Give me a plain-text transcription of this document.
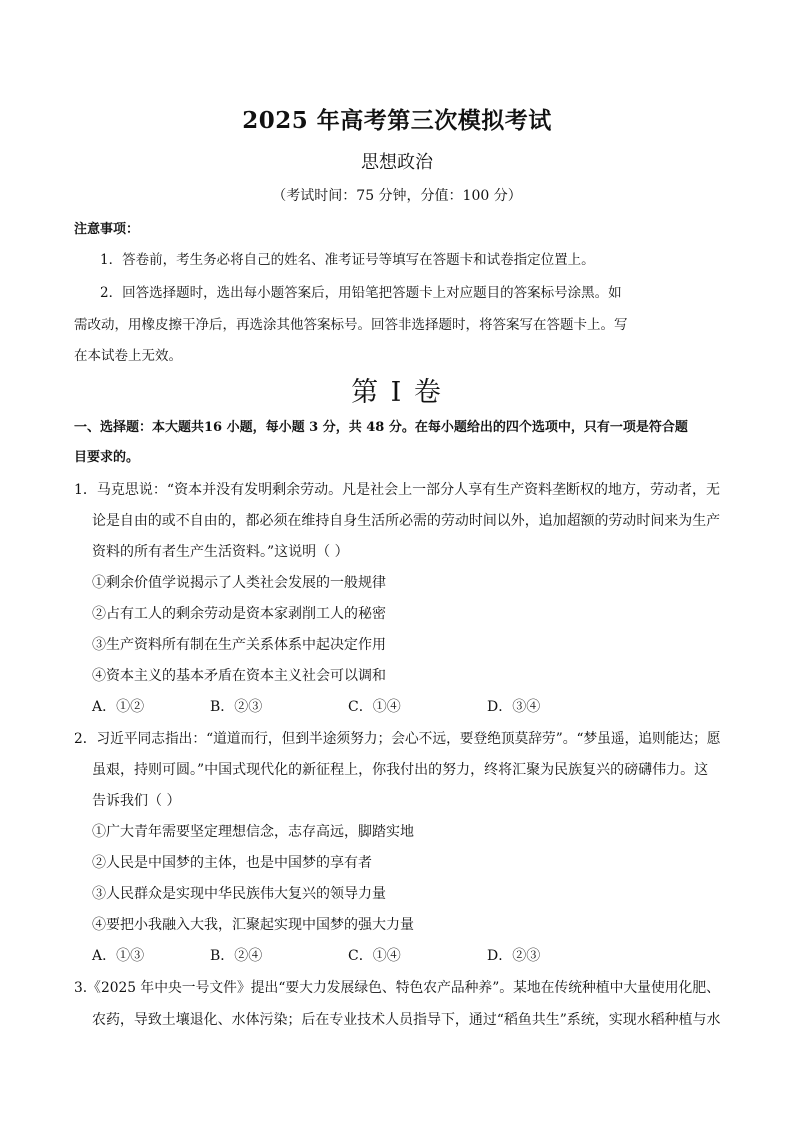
2025 年高考第三次模拟考试
思想政治
（考试时间：75 分钟，分值：100 分）
注意事项：
1．答卷前，考生务必将自己的姓名、准考证号等填写在答题卡和试卷指定位置上。
2．回答选择题时，选出每小题答案后，用铅笔把答题卡上对应题目的答案标号涂黑。如
需改动，用橡皮擦干净后，再选涂其他答案标号。回答非选择题时，将答案写在答题卡上。写
在本试卷上无效。
第 I 卷
一、选择题：本大题共16 小题，每小题 3 分，共 48 分。在每小题给出的四个选项中，只有一项是符合题
目要求的。
1．马克思说：“资本并没有发明剩余劳动。凡是社会上一部分人享有生产资料垄断权的地方，劳动者，无
论是自由的或不自由的，都必须在维持自身生活所必需的劳动时间以外，追加超额的劳动时间来为生产
资料的所有者生产生活资料。”这说明（ ）
①剩余价值学说揭示了人类社会发展的一般规律
②占有工人的剩余劳动是资本家剥削工人的秘密
③生产资料所有制在生产关系体系中起决定作用
④资本主义的基本矛盾在资本主义社会可以调和
A．①②	B．②③	C．①④	D．③④
2．习近平同志指出：“道道而行，但到半途须努力；会心不远，要登绝顶莫辞劳”。“梦虽遥，追则能达；愿
虽艰，持则可圆。”中国式现代化的新征程上，你我付出的努力，终将汇聚为民族复兴的磅礴伟力。这
告诉我们（ ）
①广大青年需要坚定理想信念，志存高远，脚踏实地
②人民是中国梦的主体，也是中国梦的享有者
③人民群众是实现中华民族伟大复兴的领导力量
④要把小我融入大我，汇聚起实现中国梦的强大力量
A．①③	B．②④	C．①④	D．②③
3.《2025 年中央一号文件》提出“要大力发展绿色、特色农产品种养”。某地在传统种植中大量使用化肥、
农药，导致土壤退化、水体污染；后在专业技术人员指导下，通过“稻鱼共生”系统，实现水稻种植与水
